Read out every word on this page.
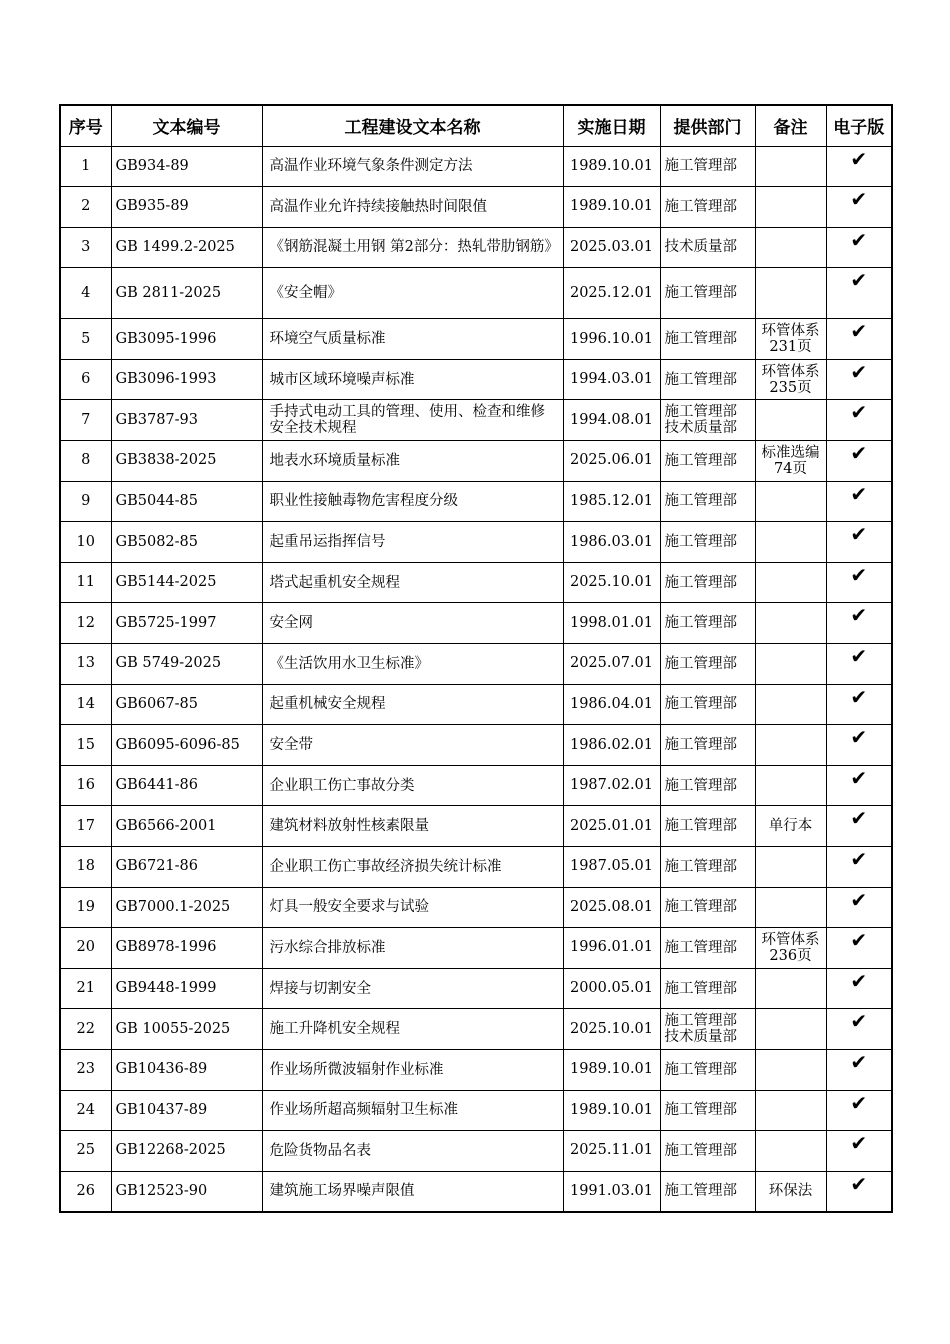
序号	文本编号	工程建设文本名称	实施日期	提供部门	备注	电子版
1	GB934-89	高温作业环境气象条件测定方法	1989.10.01	施工管理部		✔
2	GB935-89	高温作业允许持续接触热时间限值	1989.10.01	施工管理部		✔
3	GB 1499.2-2025	《钢筋混凝土用钢 第2部分：热轧带肋钢筋》	2025.03.01	技术质量部		✔
4	GB 2811-2025	《安全帽》	2025.12.01	施工管理部		✔
5	GB3095-1996	环境空气质量标准	1996.10.01	施工管理部	环管体系231页	✔
6	GB3096-1993	城市区域环境噪声标准	1994.03.01	施工管理部	环管体系235页	✔
7	GB3787-93	手持式电动工具的管理、使用、检查和维修安全技术规程	1994.08.01	施工管理部技术质量部		✔
8	GB3838-2025	地表水环境质量标准	2025.06.01	施工管理部	标准选编74页	✔
9	GB5044-85	职业性接触毒物危害程度分级	1985.12.01	施工管理部		✔
10	GB5082-85	起重吊运指挥信号	1986.03.01	施工管理部		✔
11	GB5144-2025	塔式起重机安全规程	2025.10.01	施工管理部		✔
12	GB5725-1997	安全网	1998.01.01	施工管理部		✔
13	GB 5749-2025	《生活饮用水卫生标准》	2025.07.01	施工管理部		✔
14	GB6067-85	起重机械安全规程	1986.04.01	施工管理部		✔
15	GB6095-6096-85	安全带	1986.02.01	施工管理部		✔
16	GB6441-86	企业职工伤亡事故分类	1987.02.01	施工管理部		✔
17	GB6566-2001	建筑材料放射性核素限量	2025.01.01	施工管理部	单行本	✔
18	GB6721-86	企业职工伤亡事故经济损失统计标准	1987.05.01	施工管理部		✔
19	GB7000.1-2025	灯具一般安全要求与试验	2025.08.01	施工管理部		✔
20	GB8978-1996	污水综合排放标准	1996.01.01	施工管理部	环管体系236页	✔
21	GB9448-1999	焊接与切割安全	2000.05.01	施工管理部		✔
22	GB 10055-2025	施工升降机安全规程	2025.10.01	施工管理部技术质量部		✔
23	GB10436-89	作业场所微波辐射作业标准	1989.10.01	施工管理部		✔
24	GB10437-89	作业场所超高频辐射卫生标准	1989.10.01	施工管理部		✔
25	GB12268-2025	危险货物品名表	2025.11.01	施工管理部		✔
26	GB12523-90	建筑施工场界噪声限值	1991.03.01	施工管理部	环保法	✔
